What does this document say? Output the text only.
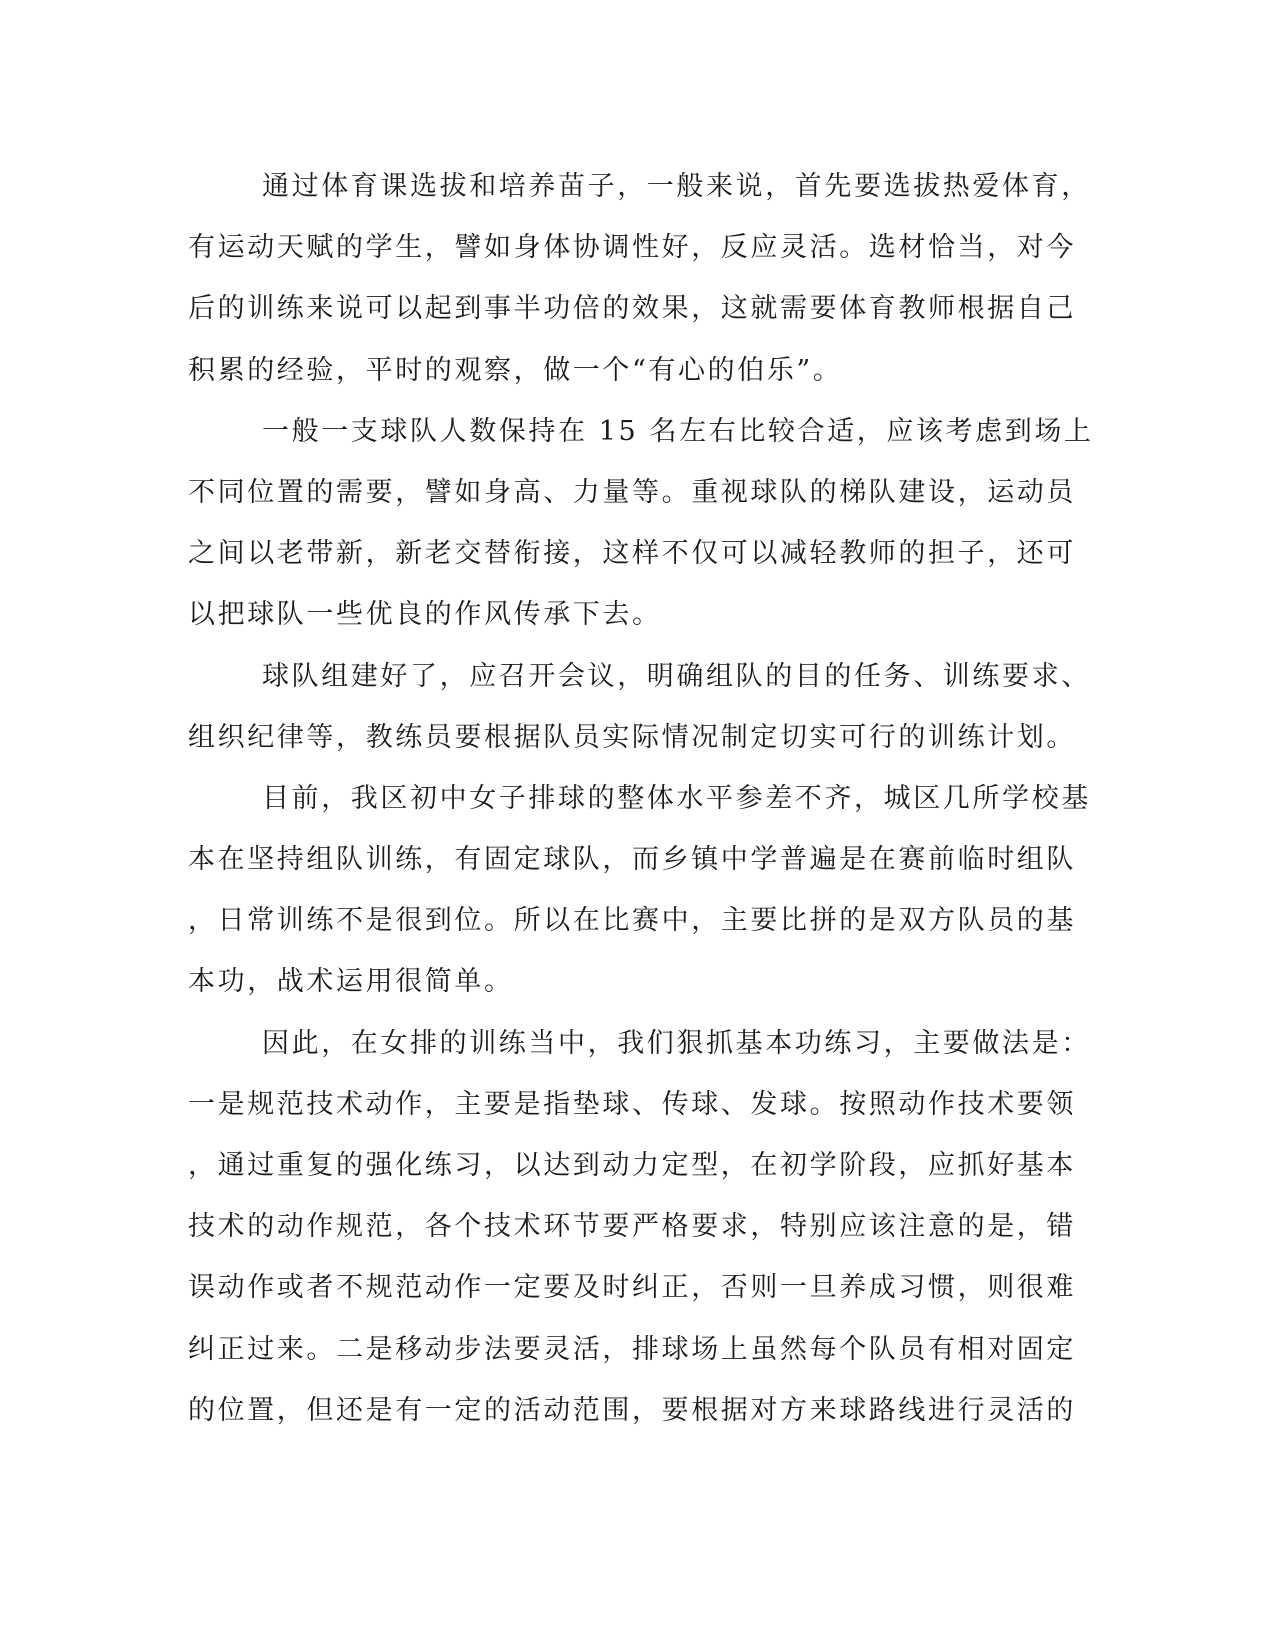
通过体育课选拔和培养苗子，一般来说，首先要选拔热爱体育，
有运动天赋的学生，譬如身体协调性好，反应灵活。选材恰当，对今
后的训练来说可以起到事半功倍的效果，这就需要体育教师根据自己
积累的经验，平时的观察，做一个“有心的伯乐”。
一般一支球队人数保持在 15 名左右比较合适，应该考虑到场上
不同位置的需要，譬如身高、力量等。重视球队的梯队建设，运动员
之间以老带新，新老交替衔接，这样不仅可以减轻教师的担子，还可
以把球队一些优良的作风传承下去。
球队组建好了，应召开会议，明确组队的目的任务、训练要求、
组织纪律等，教练员要根据队员实际情况制定切实可行的训练计划。
目前，我区初中女子排球的整体水平参差不齐，城区几所学校基
本在坚持组队训练，有固定球队，而乡镇中学普遍是在赛前临时组队
，日常训练不是很到位。所以在比赛中，主要比拼的是双方队员的基
本功，战术运用很简单。
因此，在女排的训练当中，我们狠抓基本功练习，主要做法是：
一是规范技术动作，主要是指垫球、传球、发球。按照动作技术要领
，通过重复的强化练习，以达到动力定型，在初学阶段，应抓好基本
技术的动作规范，各个技术环节要严格要求，特别应该注意的是，错
误动作或者不规范动作一定要及时纠正，否则一旦养成习惯，则很难
纠正过来。二是移动步法要灵活，排球场上虽然每个队员有相对固定
的位置，但还是有一定的活动范围，要根据对方来球路线进行灵活的
